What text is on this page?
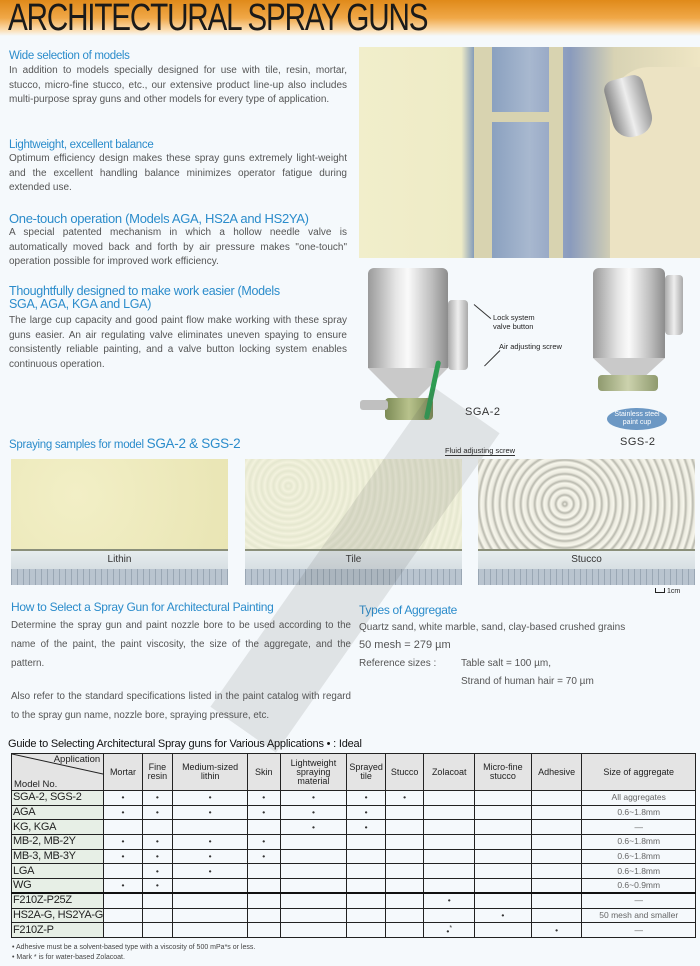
ARCHITECTURAL SPRAY GUNS
Wide selection of models
In addition to models specially designed for use with tile, resin, mortar, stucco, micro-fine stucco, etc., our extensive product line-up also includes multi-purpose spray guns and other models for every type of application.
Lightweight, excellent balance
Optimum efficiency design makes these spray guns extremely light-weight and the excellent handling balance minimizes operator fatigue during extended use.
One-touch operation (Models AGA, HS2A and HS2YA)
A special patented mechanism in which a hollow needle valve is automatically moved back and forth by air pressure makes "one-touch" operation possible for improved work efficiency.
Thoughtfully designed to make work easier (Models SGA, AGA, KGA and LGA)
The large cup capacity and good paint flow make working with these spray guns easier. An air regulating valve eliminates uneven spaying to ensure consistently reliable painting, and a valve button locking system enables continuous operation.
Lock system valve button
Air adjusting screw
Fluid adjusting screw
SGA-2	Stainless steel paint cup
SGS-2
Spraying samples for model SGA-2 & SGS-2
Lithin	Tile	Stucco
1cm
How to Select a Spray Gun for Architectural Painting
Determine the spray gun and paint nozzle bore to be used according to the name of the paint, the paint viscosity, the size of the aggregate, and the pattern.
Also refer to the standard specifications listed in the paint catalog with regard to the spray gun name, nozzle bore, spraying pressure, etc.
Types of Aggregate
Quartz sand, white marble, sand, clay-based crushed grains
50 mesh = 279 µm
Reference sizes : Table salt = 100 µm,
Strand of human hair = 70 µm
Guide to Selecting Architectural Spray guns for Various Applications • : Ideal
Application
Model No.	Mortar	Fine resin	Medium-sized lithin	Skin	Lightweight spraying material	Sprayed tile	Stucco	Zolacoat	Micro-fine stucco	Adhesive	Size of aggregate
SGA-2, SGS-2	•	•	•	•	•	•	•				All aggregates
AGA	•	•	•	•	•	•					0.6~1.8mm
KG, KGA					•	•					—
MB-2, MB-2Y	•	•	•	•							0.6~1.8mm
MB-3, MB-3Y	•	•	•	•							0.6~1.8mm
LGA		•	•								0.6~1.8mm
WG	•	•									0.6~0.9mm
F210Z-P25Z								•			—
HS2A-G, HS2YA-G									•		50 mesh and smaller
F210Z-P								•*		•	—
• Adhesive must be a solvent-based type with a viscosity of 500 mPa*s or less.
• Mark * is for water-based Zolacoat.
